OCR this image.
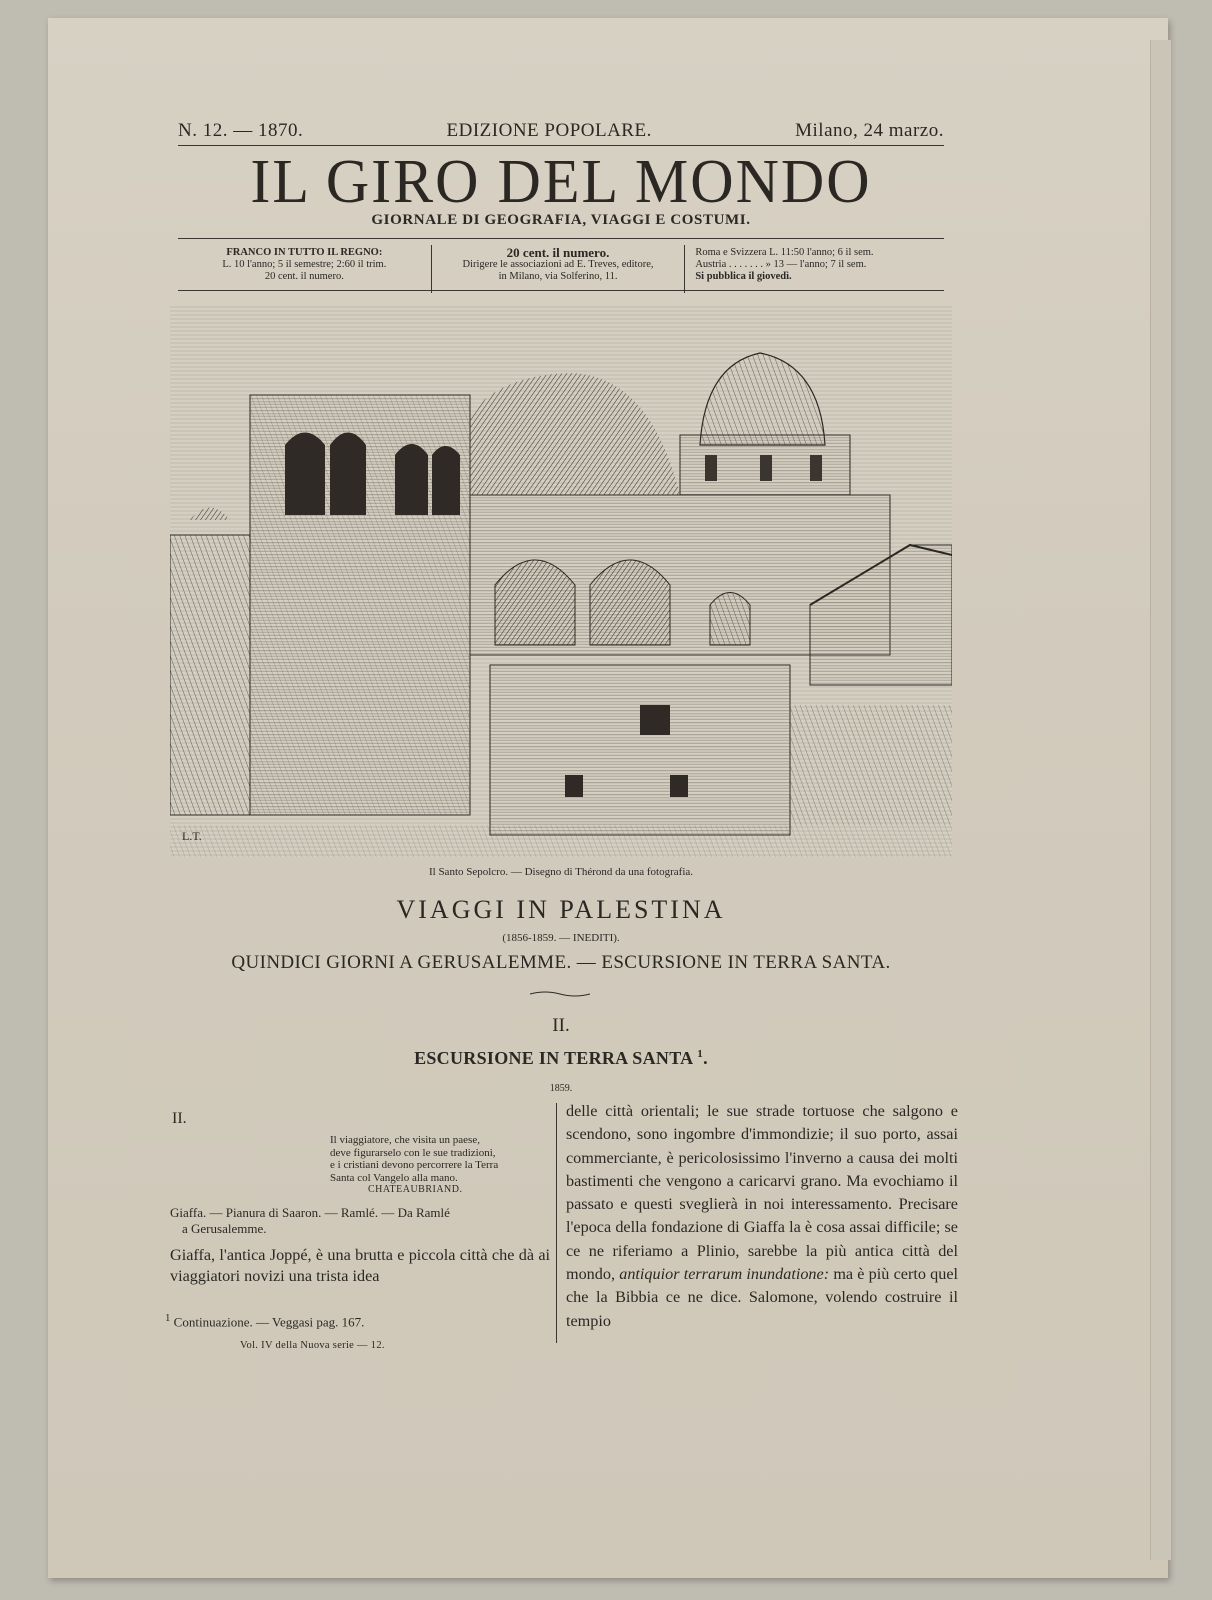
N. 12. — 1870.	EDIZIONE POPOLARE.	Milano, 24 marzo.
IL GIRO DEL MONDO
GIORNALE DI GEOGRAFIA, VIAGGI E COSTUMI.
FRANCO IN TUTTO IL REGNO:
L. 10 l'anno; 5 il semestre; 2:60 il trim.
20 cent. il numero.
20 cent. il numero.
Dirigere le associazioni ad E. Treves, editore,
in Milano, via Solferino, 11.
Roma e Svizzera L. 11:50 l'anno; 6 il sem.
Austria . . . . . . . » 13 — l'anno; 7 il sem.
Si pubblica il giovedì.
L.T.
Il Santo Sepolcro. — Disegno di Thérond da una fotografia.
VIAGGI IN PALESTINA
(1856-1859. — INEDITI).
QUINDICI GIORNI A GERUSALEMME. — ESCURSIONE IN TERRA SANTA.
II.
ESCURSIONE IN TERRA SANTA $^1$.
1859.
II.
Il viaggiatore, che visita un paese,
deve figurarselo con le sue tradizioni,
e i cristiani devono percorrere la Terra
Santa col Vangelo alla mano.
CHATEAUBRIAND.
Giaffa. — Pianura di Saaron. — Ramlé. — Da Ramlé
a Gerusalemme.
Giaffa, l'antica Joppé, è una brutta e piccola città che dà ai viaggiatori novizi una trista idea

delle città orientali; le sue strade tortuose che salgono e scendono, sono ingombre d'immondizie; il suo porto, assai commerciante, è pericolosissimo l'inverno a causa dei molti bastimenti che vengono a caricarvi grano. Ma evochiamo il passato e questi sveglierà in noi interessamento. Precisare l'epoca della fondazione di Giaffa la è cosa assai difficile; se ce ne riferiamo a Plinio, sarebbe la più antica città del mondo, antiquior terrarum inundatione: ma è più certo quel che la Bibbia ce ne dice. Salomone, volendo costruire il tempio

$^1$ Continuazione. — Veggasi pag. 167.
Vol. IV della Nuova serie — 12.
